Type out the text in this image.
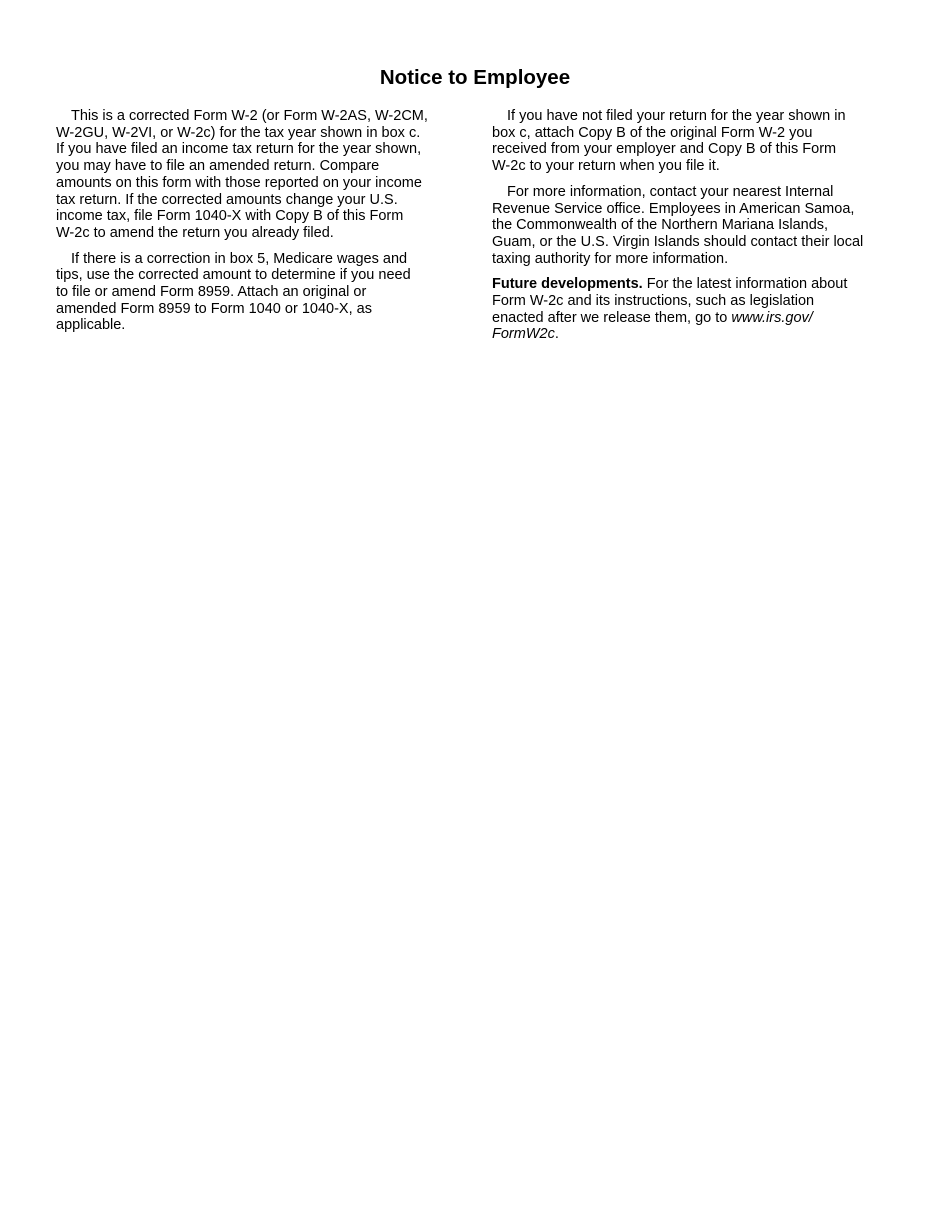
Notice to Employee

This is a corrected Form W-2 (or Form W-2AS, W-2CM,
W-2GU, W-2VI, or W-2c) for the tax year shown in box c.
If you have filed an income tax return for the year shown,
you may have to file an amended return. Compare
amounts on this form with those reported on your income
tax return. If the corrected amounts change your U.S.
income tax, file Form 1040-X with Copy B of this Form
W-2c to amend the return you already filed.

If there is a correction in box 5, Medicare wages and
tips, use the corrected amount to determine if you need
to file or amend Form 8959. Attach an original or
amended Form 8959 to Form 1040 or 1040-X, as
applicable.

If you have not filed your return for the year shown in
box c, attach Copy B of the original Form W-2 you
received from your employer and Copy B of this Form
W-2c to your return when you file it.

For more information, contact your nearest Internal
Revenue Service office. Employees in American Samoa,
the Commonwealth of the Northern Mariana Islands,
Guam, or the U.S. Virgin Islands should contact their local
taxing authority for more information.

Future developments. For the latest information about
Form W-2c and its instructions, such as legislation
enacted after we release them, go to www.irs.gov/
FormW2c.
